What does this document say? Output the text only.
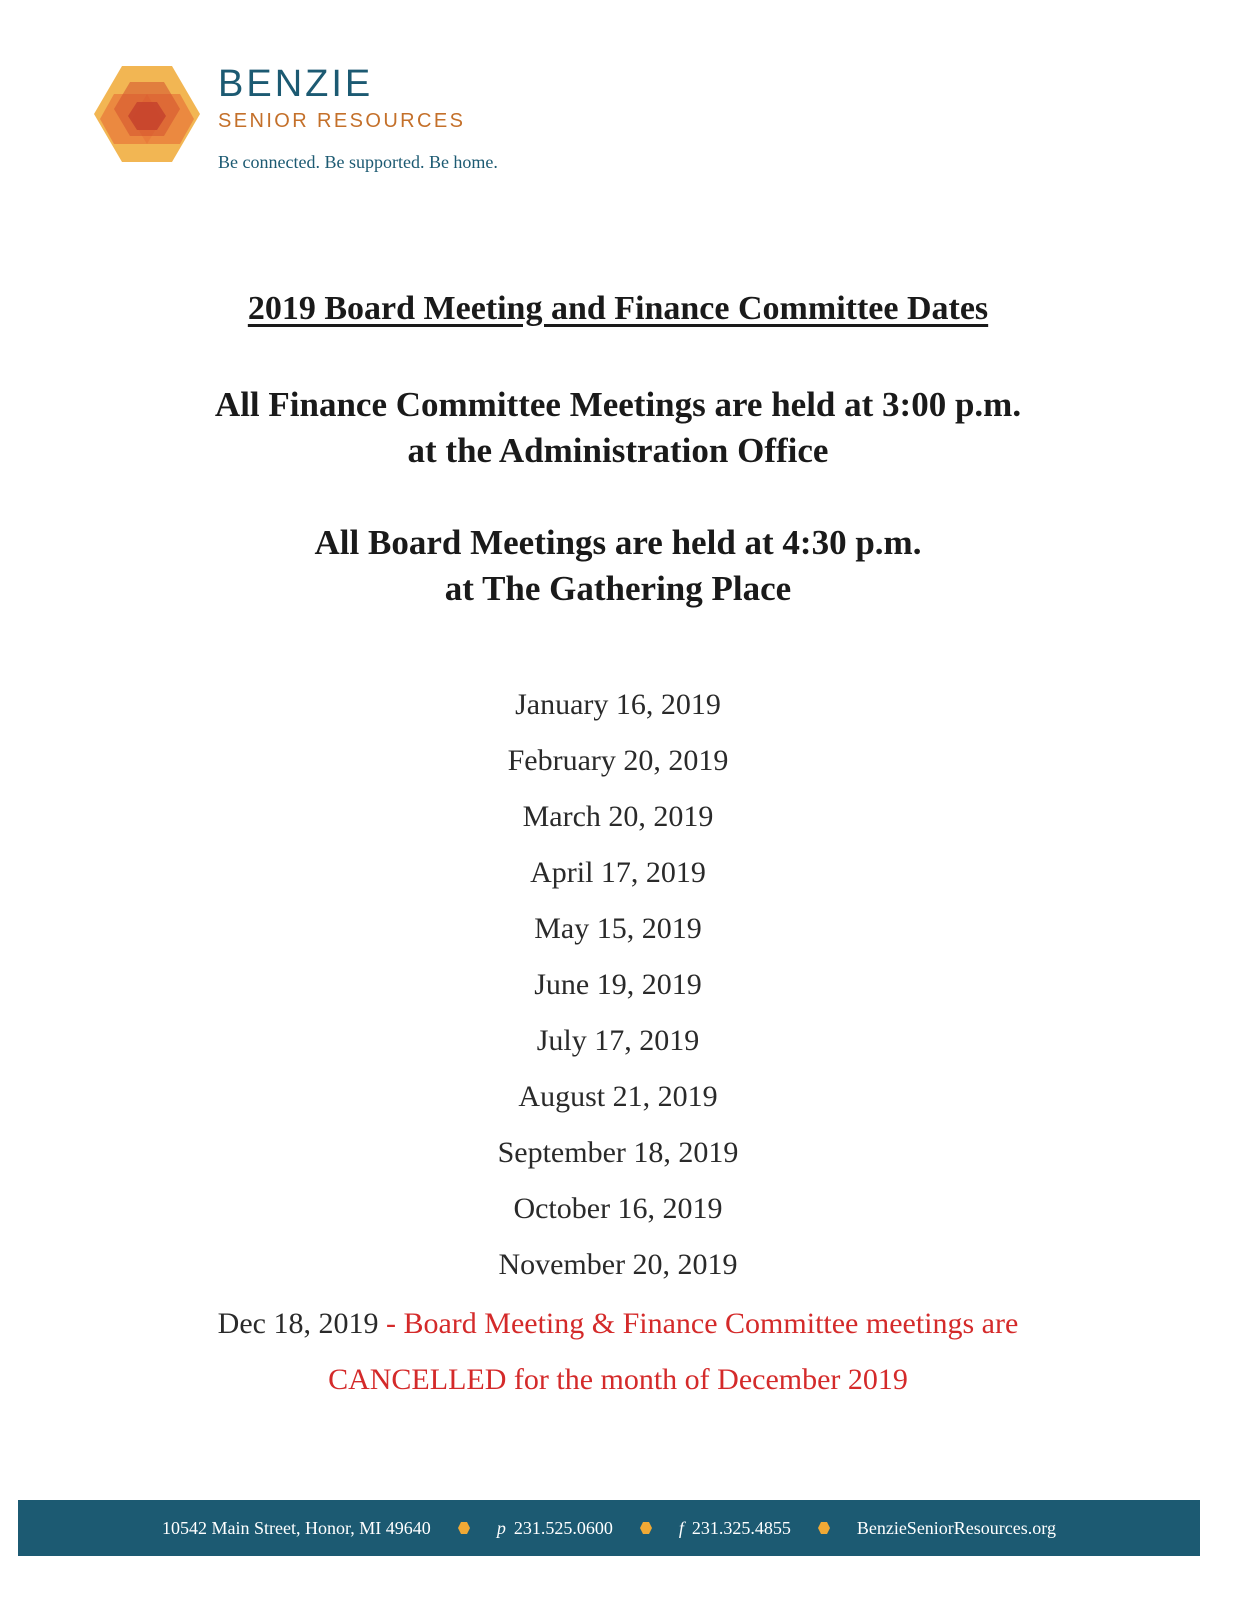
BENZIE
SENIOR RESOURCES
Be connected. Be supported. Be home.
2019 Board Meeting and Finance Committee Dates
All Finance Committee Meetings are held at 3:00 p.m.
at the Administration Office
All Board Meetings are held at 4:30 p.m.
at The Gathering Place
January 16, 2019
February 20, 2019
March 20, 2019
April 17, 2019
May 15, 2019
June 19, 2019
July 17, 2019
August 21, 2019
September 18, 2019
October 16, 2019
November 20, 2019
Dec 18, 2019 - Board Meeting & Finance Committee meetings are
CANCELLED for the month of December 2019
10542 Main Street, Honor, MI 49640	p 231.525.0600	f 231.325.4855	BenzieSeniorResources.org
